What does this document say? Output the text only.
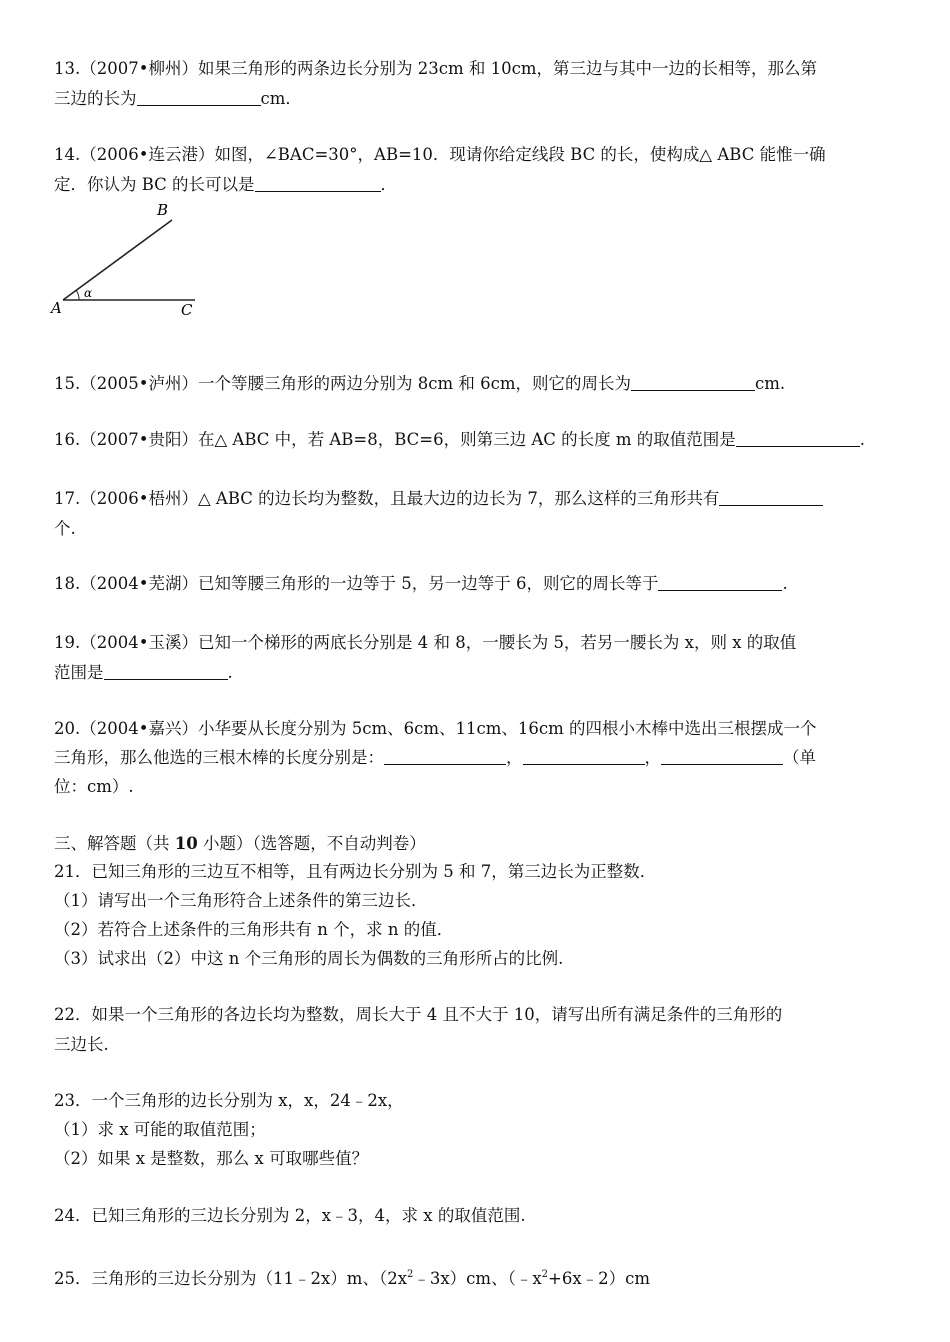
13.（2007•柳州）如果三角形的两条边长分别为 23cm 和 10cm，第三边与其中一边的长相等，那么第
三边的长为	cm．
14.（2006•连云港）如图，∠BAC=30°，AB=10．现请你给定线段 BC 的长，使构成△ ABC 能惟一确
定．你认为 BC 的长可以是	．
B
A	C
α
15.（2005•泸州）一个等腰三角形的两边分别为 8cm 和 6cm，则它的周长为	cm.
16.（2007•贵阳）在△ ABC 中，若 AB=8，BC=6，则第三边 AC 的长度 m 的取值范围是	.
17.（2006•梧州）△ ABC 的边长均为整数，且最大边的边长为 7，那么这样的三角形共有
个.
18.（2004•芜湖）已知等腰三角形的一边等于 5，另一边等于 6，则它的周长等于	.
19.（2004•玉溪）已知一个梯形的两底长分别是 4 和 8，一腰长为 5，若另一腰长为 x，则 x 的取值
范围是	.
20.（2004•嘉兴）小华要从长度分别为 5cm、6cm、11cm、16cm 的四根小木棒中选出三根摆成一个
三角形，那么他选的三根木棒的长度分别是：	，	，	（单
位：cm）.
三、解答题（共 10 小题）（选答题，不自动判卷）
21．已知三角形的三边互不相等，且有两边长分别为 5 和 7，第三边长为正整数．
（1）请写出一个三角形符合上述条件的第三边长．
（2）若符合上述条件的三角形共有 n 个，求 n 的值．
（3）试求出（2）中这 n 个三角形的周长为偶数的三角形所占的比例.
22．如果一个三角形的各边长均为整数，周长大于 4 且不大于 10，请写出所有满足条件的三角形的
三边长.
23．一个三角形的边长分别为 x，x，24﹣2x，
（1）求 x 可能的取值范围；
（2）如果 x 是整数，那么 x 可取哪些值？
24．已知三角形的三边长分别为 2，x﹣3，4，求 x 的取值范围.
25．三角形的三边长分别为（11﹣2x）m、$(2x^2﹣3x)cm$、$(﹣x^2+6x﹣2)cm$
